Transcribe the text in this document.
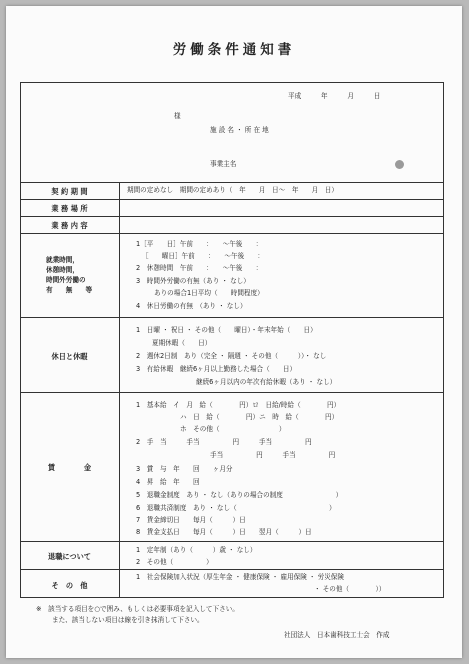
労働条件通知書
平成　　　年　　　月　　　日
様
施 設 名 ・ 所 在 地
事業主名
契 約 期 間	期間の定めなし　期間の定めあり（　年　　月　日〜　年　　月　日）
業 務 場 所
業 務 内 容
就業時間，
休憩時間，
時間外労働の
有　　無　　等
1［平　　日］午前　　：　　〜午後　　：
［　　曜日］午前　　：　　〜午後　　：
2　休憩時間　午前　　：　　〜午後　　：
3　時間外労働の有無（あり ・ なし）
ありの場合1日平均（　　時間程度）
4　休日労働の有無　（あり ・ なし）
休日と休暇
1　日曜 ・ 祝日 ・ その他（　　曜日）・年末年始（　　日）
夏期休暇（　　日）
2　週休2日制　あり（完全 ・ 隔週 ・ その他（　　　））・ なし
3　有給休暇　継続6ヶ月以上勤務した場合（　　日）
継続6ヶ月以内の年次有給休暇（あり ・ なし）
賃　　　　金
1　基本給　イ　月　給（　　　　円）ロ　日給/時給（　　　　円）
ハ　日　給（　　　　円）ニ　時　給（　　　　円）
ホ　その他（　　　　　　　　　）
2　手　当　　　手当　　　　　円　　　手当　　　　　円
手当　　　　　円　　　手当　　　　　円
3　賞　与　年　　回　　ヶ月分
4　昇　給　年　　回
5　退職金制度　あり ・ なし（ありの場合の制度　　　　　　　　）
6　退職共済制度　あり ・ なし（　　　　　　　　　　　　　　）
7　賃金締切日　　毎月（　　　）日
8　賃金支払日　　毎月（　　　）日　　翌月（　　　）日
退職について
1　定年制（あり（　　　）歳 ・ なし）
2　その他（　　　　　）
そ　の　他
1　社会保険加入状況（厚生年金 ・ 健康保険 ・ 雇用保険 ・ 労災保険
・ その他（　　　　））
※　該当する項目を○で囲み、もしくは必要事項を記入して下さい。
また、該当しない項目は線を引き抹消して下さい。
社団法人　日本歯科技工士会　作成
